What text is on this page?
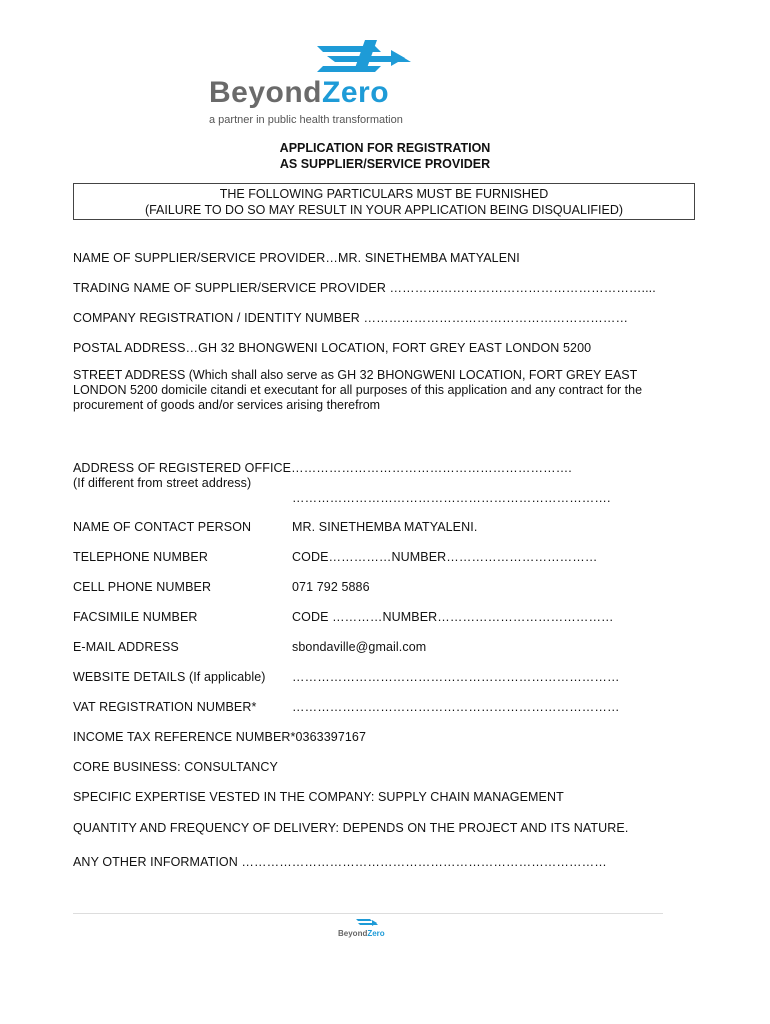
BeyondZero
a partner in public health transformation
APPLICATION FOR REGISTRATION
AS SUPPLIER/SERVICE PROVIDER
THE FOLLOWING PARTICULARS MUST BE FURNISHED
(FAILURE TO DO SO MAY RESULT IN YOUR APPLICATION BEING DISQUALIFIED)
NAME OF SUPPLIER/SERVICE PROVIDER…MR. SINETHEMBA MATYALENI
TRADING NAME OF SUPPLIER/SERVICE PROVIDER ……………………………………………………....
COMPANY REGISTRATION / IDENTITY NUMBER ………………………………………………………
POSTAL ADDRESS…GH 32 BHONGWENI LOCATION, FORT GREY EAST LONDON 5200
STREET ADDRESS (Which shall also serve as GH 32 BHONGWENI LOCATION, FORT GREY EAST LONDON 5200 domicile citandi et executant for all purposes of this application and any contract for the procurement of goods and/or services arising therefrom
ADDRESS OF REGISTERED OFFICE………………………………………………………….
(If different from street address)
………………………………………………………………….
NAME OF CONTACT PERSON	MR. SINETHEMBA MATYALENI.
TELEPHONE NUMBER	CODE……………NUMBER………………………………
CELL PHONE NUMBER	071 792 5886
FACSIMILE NUMBER	CODE …………NUMBER……………………………………
E-MAIL ADDRESS	sbondaville@gmail.com
WEBSITE DETAILS (If applicable) ……………………………………………………………………
VAT REGISTRATION NUMBER*	……………………………………………………………………
INCOME TAX REFERENCE NUMBER*0363397167
CORE BUSINESS: CONSULTANCY
SPECIFIC EXPERTISE VESTED IN THE COMPANY: SUPPLY CHAIN MANAGEMENT
QUANTITY AND FREQUENCY OF DELIVERY: DEPENDS ON THE PROJECT AND ITS NATURE.
ANY OTHER INFORMATION ……………………………………………………………………………
BeyondZero
